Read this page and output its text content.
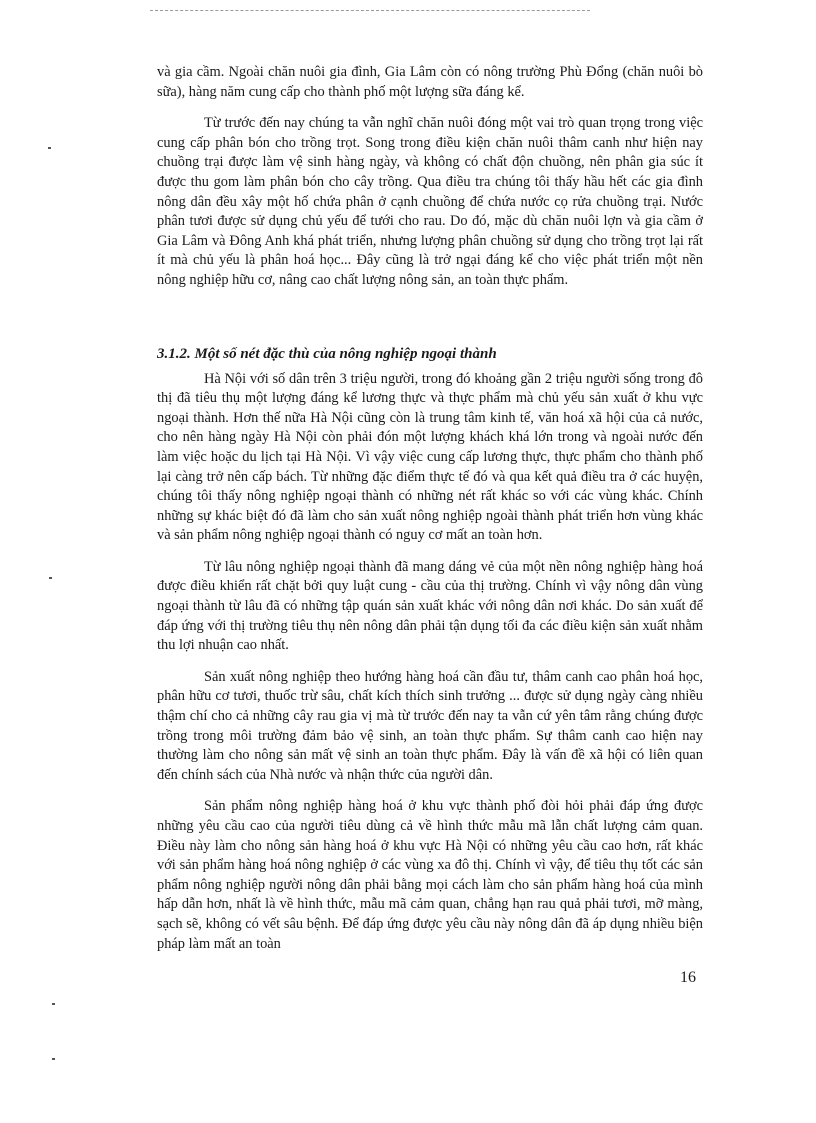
và gia cầm. Ngoài chăn nuôi gia đình, Gia Lâm còn có nông trường Phù Đổng (chăn nuôi bò sữa), hàng năm cung cấp cho thành phố một lượng sữa đáng kể.

Từ trước đến nay chúng ta vẫn nghĩ chăn nuôi đóng một vai trò quan trọng trong việc cung cấp phân bón cho trồng trọt. Song trong điều kiện chăn nuôi thâm canh như hiện nay chuồng trại được làm vệ sinh hàng ngày, và không có chất độn chuồng, nên phân gia súc ít được thu gom làm phân bón cho cây trồng. Qua điều tra chúng tôi thấy hầu hết các gia đình nông dân đều xây một hố chứa phân ở cạnh chuồng để chứa nước cọ rửa chuồng trại. Nước phân tươi được sử dụng chủ yếu để tưới cho rau. Do đó, mặc dù chăn nuôi lợn và gia cầm ở Gia Lâm và Đông Anh khá phát triển, nhưng lượng phân chuồng sử dụng cho trồng trọt lại rất ít mà chủ yếu là phân hoá học... Đây cũng là trở ngại đáng kể cho việc phát triển một nền nông nghiệp hữu cơ, nâng cao chất lượng nông sản, an toàn thực phẩm.

3.1.2. Một số nét đặc thù của nông nghiệp ngoại thành

Hà Nội với số dân trên 3 triệu người, trong đó khoảng gần 2 triệu người sống trong đô thị đã tiêu thụ một lượng đáng kể lương thực và thực phẩm mà chủ yếu sản xuất ở khu vực ngoại thành. Hơn thế nữa Hà Nội cũng còn là trung tâm kinh tế, văn hoá xã hội của cả nước, cho nên hàng ngày Hà Nội còn phải đón một lượng khách khá lớn trong và ngoài nước đến làm việc hoặc du lịch tại Hà Nội. Vì vậy việc cung cấp lương thực, thực phẩm cho thành phố lại càng trở nên cấp bách. Từ những đặc điểm thực tế đó và qua kết quả điều tra ở các huyện, chúng tôi thấy nông nghiệp ngoại thành có những nét rất khác so với các vùng khác. Chính những sự khác biệt đó đã làm cho sản xuất nông nghiệp ngoài thành phát triển hơn vùng khác và sản phẩm nông nghiệp ngoại thành có nguy cơ mất an toàn hơn.

Từ lâu nông nghiệp ngoại thành đã mang dáng vẻ của một nền nông nghiệp hàng hoá được điều khiển rất chặt bởi quy luật cung - cầu của thị trường. Chính vì vậy nông dân vùng ngoại thành từ lâu đã có những tập quán sản xuất khác với nông dân nơi khác. Do sản xuất để đáp ứng với thị trường tiêu thụ nên nông dân phải tận dụng tối đa các điều kiện sản xuất nhằm thu lợi nhuận cao nhất.

Sản xuất nông nghiệp theo hướng hàng hoá cần đầu tư, thâm canh cao phân hoá học, phân hữu cơ tươi, thuốc trừ sâu, chất kích thích sinh trưởng ... được sử dụng ngày càng nhiều thậm chí cho cả những cây rau gia vị mà từ trước đến nay ta vẫn cứ yên tâm rằng chúng được trồng trong môi trường đảm bảo vệ sinh, an toàn thực phẩm. Sự thâm canh cao hiện nay thường làm cho nông sản mất vệ sinh an toàn thực phẩm. Đây là vấn đề xã hội có liên quan đến chính sách của Nhà nước và nhận thức của người dân.

Sản phẩm nông nghiệp hàng hoá ở khu vực thành phố đòi hỏi phải đáp ứng được những yêu cầu cao của người tiêu dùng cả về hình thức mẫu mã lẫn chất lượng cảm quan. Điều này làm cho nông sản hàng hoá ở khu vực Hà Nội có những yêu cầu cao hơn, rất khác với sản phẩm hàng hoá nông nghiệp ở các vùng xa đô thị. Chính vì vậy, để tiêu thụ tốt các sản phẩm nông nghiệp người nông dân phải bằng mọi cách làm cho sản phẩm hàng hoá của mình hấp dẫn hơn, nhất là về hình thức, mẫu mã cảm quan, chẳng hạn rau quả phải tươi, mỡ màng, sạch sẽ, không có vết sâu bệnh. Để đáp ứng được yêu cầu này nông dân đã áp dụng nhiều biện pháp làm mất an toàn

16
